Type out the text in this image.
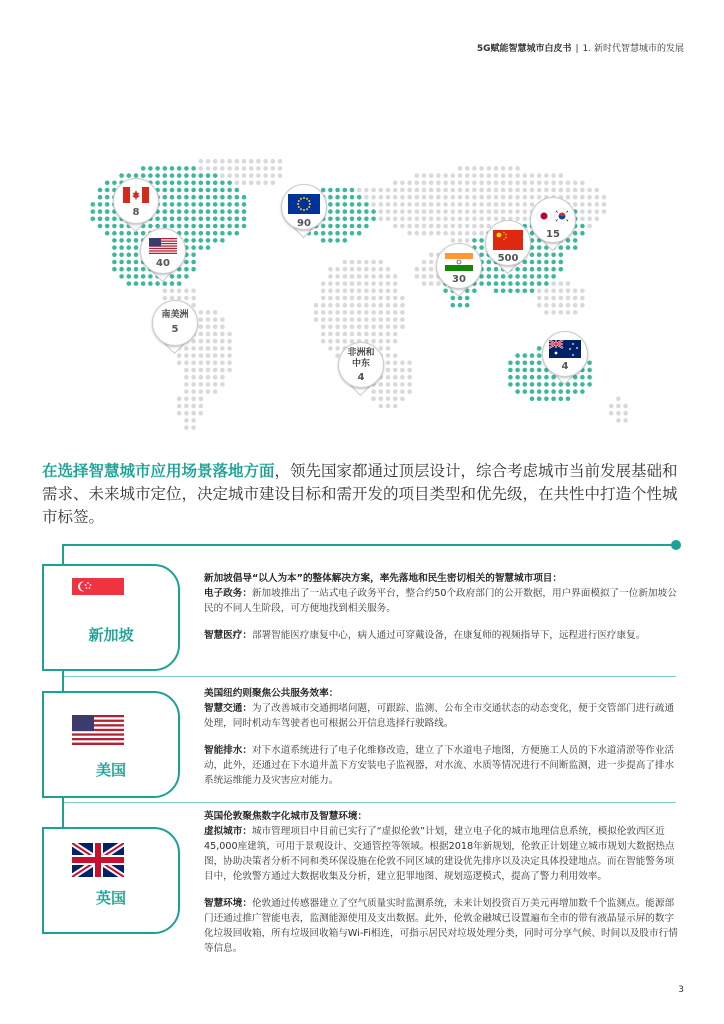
5G赋能智慧城市白皮书 | 1. 新时代智慧城市的发展
8
40
90
南美洲
5
非洲和中东
4
30
500
15
4
在选择智慧城市应用场景落地方面，领先国家都通过顶层设计，综合考虑城市当前发展基础和需求、未来城市定位，决定城市建设目标和需开发的项目类型和优先级，在共性中打造个性城市标签。
新加坡

新加坡倡导“以人为本”的整体解决方案，率先落地和民生密切相关的智慧城市项目：

电子政务：新加坡推出了一站式电子政务平台，整合约50个政府部门的公开数据，用户界面模拟了一位新加坡公民的不同人生阶段，可方便地找到相关服务。

智慧医疗：部署智能医疗康复中心，病人通过可穿戴设备，在康复师的视频指导下，远程进行医疗康复。

美国

美国纽约则聚焦公共服务效率：

智慧交通：为了改善城市交通拥堵问题，可跟踪、监测、公布全市交通状态的动态变化，便于交管部门进行疏通处理，同时机动车驾驶者也可根据公开信息选择行驶路线。

智能排水：对下水道系统进行了电子化维修改造，建立了下水道电子地图，方便施工人员的下水道清淤等作业活动，此外，还通过在下水道井盖下方安装电子监视器，对水流、水质等情况进行不间断监测，进一步提高了排水系统运维能力及灾害应对能力。

英国

英国伦敦聚焦数字化城市及智慧环境：

虚拟城市：城市管理项目中目前已实行了“虚拟伦敦”计划，建立电子化的城市地理信息系统，模拟伦敦西区近45,000座建筑，可用于景观设计、交通管控等领域。根据2018年新规划，伦敦正计划建立城市规划大数据热点图，协助决策者分析不同和类环保设施在伦敦不同区域的建设优先排序以及决定具体投建地点。而在智能警务项目中，伦敦警方通过大数据收集及分析，建立犯罪地图、规划巡逻模式，提高了警力利用效率。

智慧环境：伦敦通过传感器建立了空气质量实时监测系统，未来计划投资百万美元再增加数千个监测点。能源部门还通过推广智能电表，监测能源使用及支出数据。此外，伦敦金融城已设置遍布全市的带有液晶显示屏的数字化垃圾回收箱，所有垃圾回收箱与Wi-Fi相连，可指示居民对垃圾处理分类，同时可分享气候、时间以及股市行情等信息。

3
